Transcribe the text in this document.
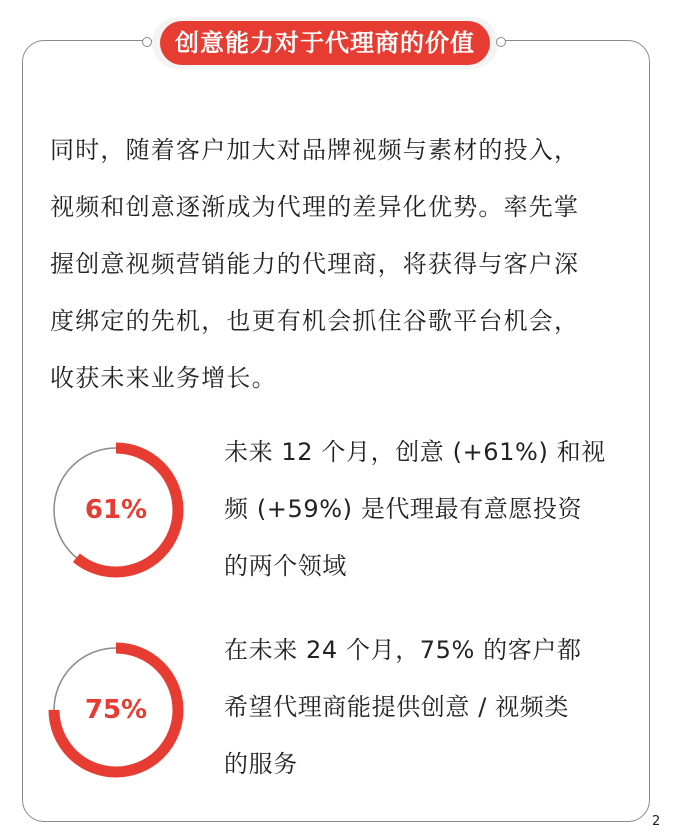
创意能力对于代理商的价值
同时，随着客户加大对品牌视频与素材的投入，
视频和创意逐渐成为代理的差异化优势。率先掌
握创意视频营销能力的代理商，将获得与客户深
度绑定的先机，也更有机会抓住谷歌平台机会，
收获未来业务增长。
61%
未来 12 个月，创意 (+61%) 和视
频 (+59%) 是代理最有意愿投资
的两个领域
75%
在未来 24 个月，75% 的客户都
希望代理商能提供创意 / 视频类
的服务
2
